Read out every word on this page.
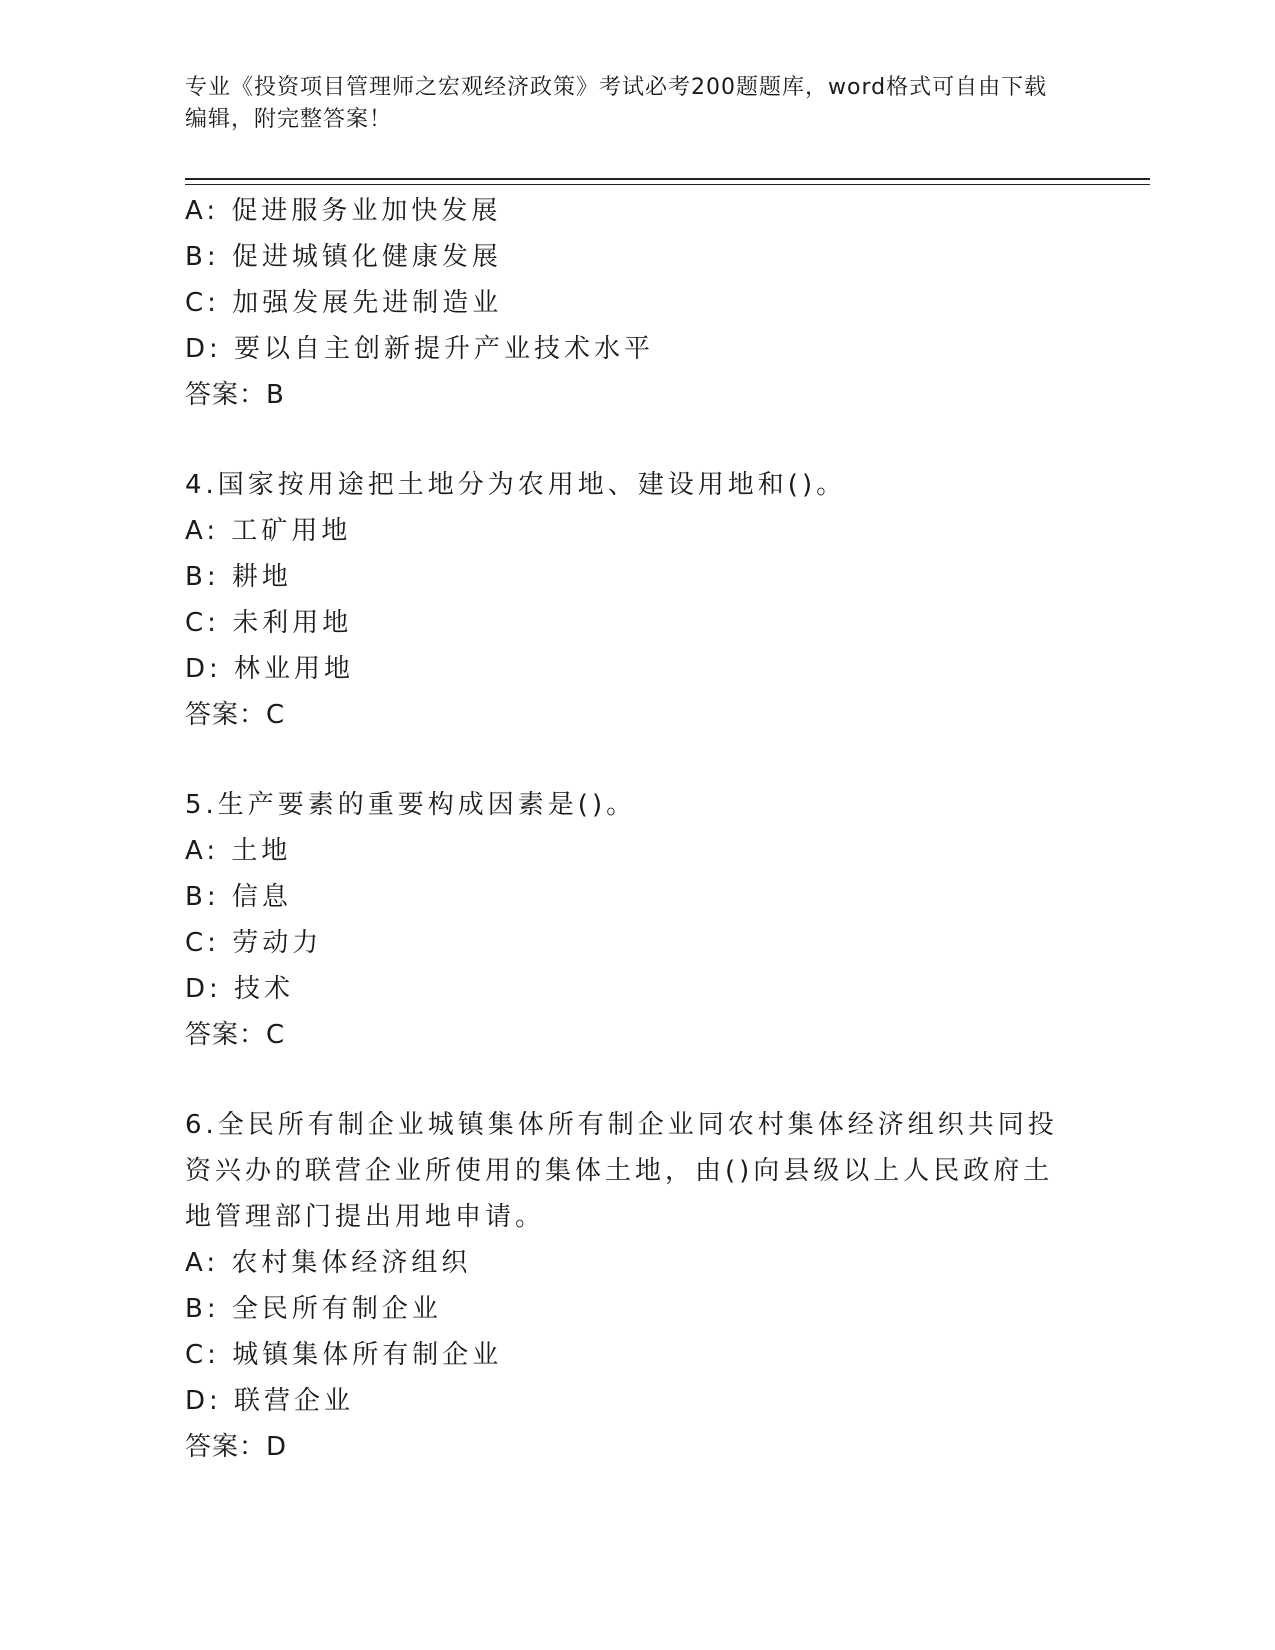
专业《投资项目管理师之宏观经济政策》考试必考200题题库，word格式可自由下载编辑，附完整答案！
A: 促进服务业加快发展
B: 促进城镇化健康发展
C: 加强发展先进制造业
D: 要以自主创新提升产业技术水平
答案：B
4.国家按用途把土地分为农用地、建设用地和()。
A: 工矿用地
B: 耕地
C: 未利用地
D: 林业用地
答案：C
5.生产要素的重要构成因素是()。
A: 土地
B: 信息
C: 劳动力
D: 技术
答案：C
6.全民所有制企业城镇集体所有制企业同农村集体经济组织共同投资兴办的联营企业所使用的集体土地，由()向县级以上人民政府土地管理部门提出用地申请。
A: 农村集体经济组织
B: 全民所有制企业
C: 城镇集体所有制企业
D: 联营企业
答案：D
